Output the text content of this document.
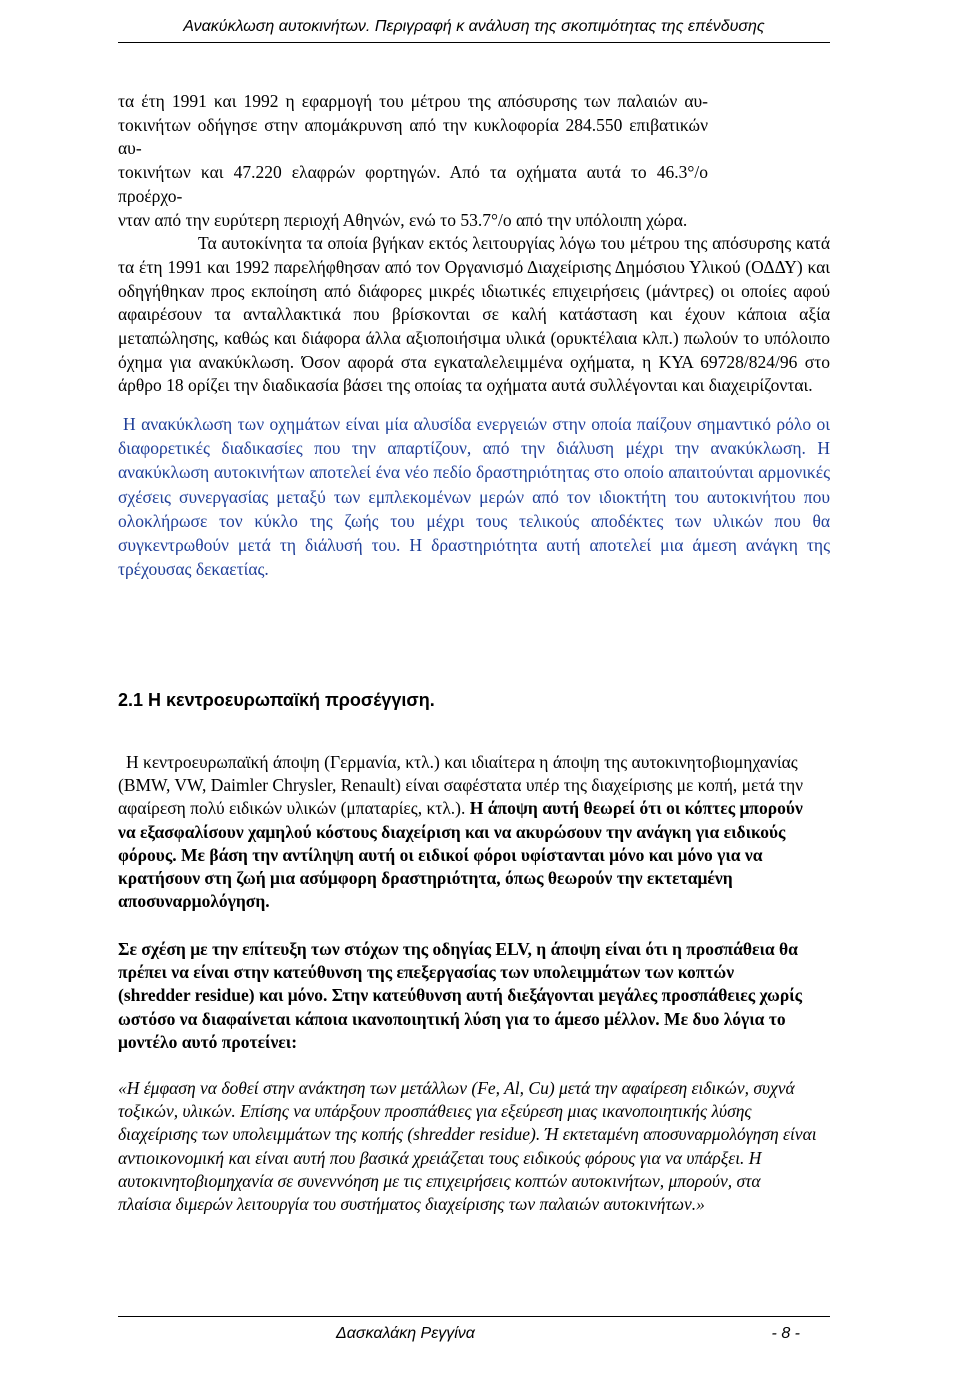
Ανακύκλωση αυτοκινήτων. Περιγραφή κ ανάλυση της σκοπιμότητας της επένδυσης
τα έτη 1991 και 1992 η εφαρμογή του μέτρου της απόσυρσης των παλαιών αυ-
τοκινήτων οδήγησε στην απομάκρυνση από την κυκλοφορία 284.550 επιβατικών αυ-
τοκινήτων και 47.220 ελαφρών φορτηγών. Από τα οχήματα αυτά το 46.3°/ο προέρχο-
νταν από την ευρύτερη περιοχή Αθηνών, ενώ το 53.7°/ο από την υπόλοιπη χώρα.
Τα αυτοκίνητα τα οποία βγήκαν εκτός λειτουργίας λόγω του μέτρου της απόσυρσης κατά τα έτη 1991 και 1992 παρελήφθησαν από τον Οργανισμό Διαχείρισης Δημόσιου Υλικού (ΟΔΔΥ) και οδηγήθηκαν προς εκποίηση από διάφορες μικρές ιδιωτικές επιχειρήσεις (μάντρες) οι οποίες αφού αφαιρέσουν τα ανταλλακτικά που βρίσκονται σε καλή κατάσταση και έχουν κάποια αξία μεταπώλησης, καθώς και διάφορα άλλα αξιοποιήσιμα υλικά (ορυκτέλαια κλπ.) πωλούν το υπόλοιπο όχημα για ανακύκλωση. Όσον αφορά στα εγκαταλελειμμένα οχήματα, η ΚΥΑ 69728/824/96 στο άρθρο 18 ορίζει την διαδικασία βάσει της οποίας τα οχήματα αυτά συλλέγονται και διαχειρίζονται.

Η ανακύκλωση των οχημάτων είναι μία αλυσίδα ενεργειών στην οποία παίζουν σημαντικό ρόλο οι διαφορετικές διαδικασίες που την απαρτίζουν, από την διάλυση μέχρι την ανακύκλωση. Η ανακύκλωση αυτοκινήτων αποτελεί ένα νέο πεδίο δραστηριότητας στο οποίο απαιτούνται αρμονικές σχέσεις συνεργασίας μεταξύ των εμπλεκομένων μερών από τον ιδιοκτήτη του αυτοκινήτου που ολοκλήρωσε τον κύκλο της ζωής του μέχρι τους τελικούς αποδέκτες των υλικών που θα συγκεντρωθούν μετά τη διάλυσή του. Η δραστηριότητα αυτή αποτελεί μια άμεση ανάγκη της τρέχουσας δεκαετίας.

2.1 Η κεντροευρωπαϊκή προσέγγιση.

Η κεντροευρωπαϊκή άποψη (Γερμανία, κτλ.) και ιδιαίτερα η άποψη της αυτοκινητοβιομηχανίας (BMW, VW, Daimler Chrysler, Renault) είναι σαφέστατα υπέρ της διαχείρισης με κοπή, μετά την αφαίρεση πολύ ειδικών υλικών (μπαταρίες, κτλ.). Η άποψη αυτή θεωρεί ότι οι κόπτες μπορούν να εξασφαλίσουν χαμηλού κόστους διαχείριση και να ακυρώσουν την ανάγκη για ειδικούς φόρους. Με βάση την αντίληψη αυτή οι ειδικοί φόροι υφίστανται μόνο και μόνο για να κρατήσουν στη ζωή μια ασύμφορη δραστηριότητα, όπως θεωρούν την εκτεταμένη αποσυναρμολόγηση.

Σε σχέση με την επίτευξη των στόχων της οδηγίας ELV, η άποψη είναι ότι η προσπάθεια θα πρέπει να είναι στην κατεύθυνση της επεξεργασίας των υπολειμμάτων των κοπτών (shredder residue) και μόνο. Στην κατεύθυνση αυτή διεξάγονται μεγάλες προσπάθειες χωρίς ωστόσο να διαφαίνεται κάποια ικανοποιητική λύση για το άμεσο μέλλον. Με δυο λόγια το μοντέλο αυτό προτείνει:

«Η έμφαση να δοθεί στην ανάκτηση των μετάλλων (Fe, Al, Cu) μετά την αφαίρεση ειδικών, συχνά τοξικών, υλικών. Επίσης να υπάρξουν προσπάθειες για εξεύρεση μιας ικανοποιητικής λύσης διαχείρισης των υπολειμμάτων της κοπής (shredder residue). Ή εκτεταμένη αποσυναρμολόγηση είναι αντιοικονομική και είναι αυτή που βασικά χρειάζεται τους ειδικούς φόρους για να υπάρξει. Η αυτοκινητοβιομηχανία σε συνεννόηση με τις επιχειρήσεις κοπτών αυτοκινήτων, μπορούν, στα πλαίσια διμερών λειτουργία του συστήματος διαχείρισης των παλαιών αυτοκινήτων.»

Δασκαλάκη Ρεγγίνα	- 8 -
